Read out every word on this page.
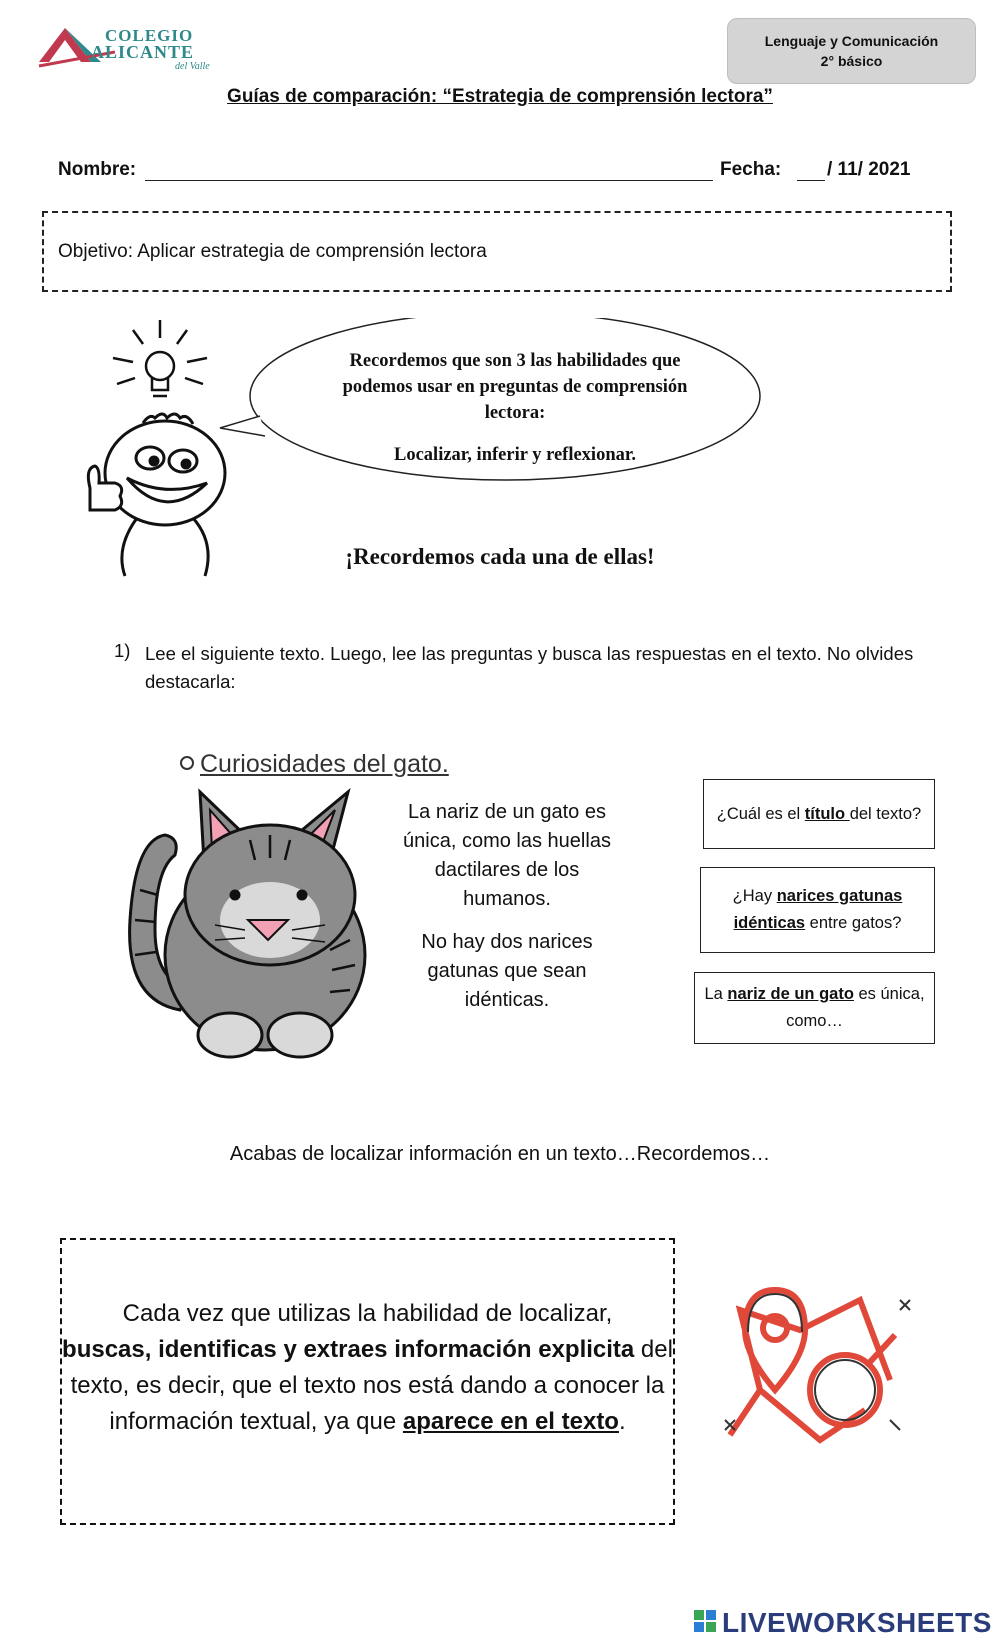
COLEGIO
ALICANTE
del Valle
Lenguaje y Comunicación
2° básico
Guías de comparación: “Estrategia de comprensión lectora”
Nombre:	Fecha: / 11/ 2021
Objetivo: Aplicar estrategia de comprensión lectora
Recordemos que son 3 las habilidades que podemos usar en preguntas de comprensión lectora:
Localizar, inferir y reflexionar.
¡Recordemos cada una de ellas!
1) Lee el siguiente texto. Luego, lee las preguntas y busca las respuestas en el texto. No olvides destacarla:
Curiosidades del gato.
La nariz de un gato es única, como las huellas dactilares de los humanos.
No hay dos narices gatunas que sean idénticas.
¿Cuál es el título del texto?
¿Hay narices gatunas
idénticas entre gatos?
La nariz de un gato es única, como…
Acabas de localizar información en un texto…Recordemos…
Cada vez que utilizas la habilidad de localizar,
buscas, identificas y extraes información explicita del texto, es decir, que el texto nos está dando a conocer la información textual, ya que aparece en el texto.
LIVEWORKSHEETS
